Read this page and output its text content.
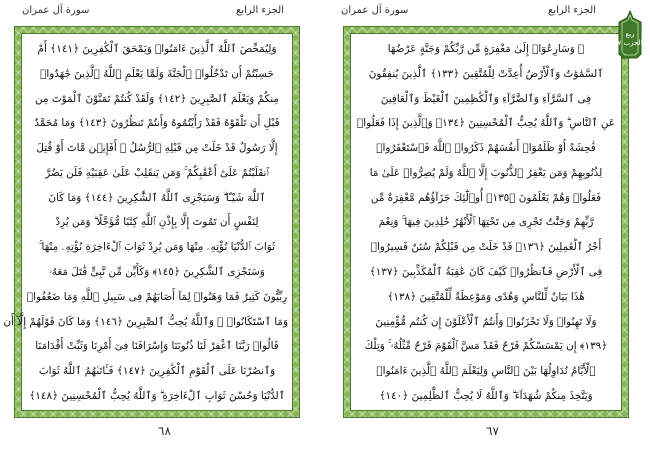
سورة آل عمران	الجزء الرابع
وَلِيُمَحِّصَ ٱللَّهُ ٱلَّذِينَ ءَامَنُوا۟ وَيَمْحَقَ ٱلْكَٰفِرِينَ ﴿١٤١﴾ أَمْ
حَسِبْتُمْ أَن تَدْخُلُوا۟ ٱلْجَنَّةَ وَلَمَّا يَعْلَمِ ٱللَّهُ ٱلَّذِينَ جَٰهَدُوا۟
مِنكُمْ وَيَعْلَمَ ٱلصَّٰبِرِينَ ﴿١٤٢﴾ وَلَقَدْ كُنتُمْ تَمَنَّوْنَ ٱلْمَوْتَ مِن
قَبْلِ أَن تَلْقَوْهُ فَقَدْ رَأَيْتُمُوهُ وَأَنتُمْ تَنظُرُونَ ﴿١٤٣﴾ وَمَا مُحَمَّدٌ
إِلَّا رَسُولٌ قَدْ خَلَتْ مِن قَبْلِهِ ٱلرُّسُلُ ۚ أَفَإِي۟ن مَّاتَ أَوْ قُتِلَ
ٱنقَلَبْتُمْ عَلَىٰٓ أَعْقَٰبِكُمْ ۚ وَمَن يَنقَلِبْ عَلَىٰ عَقِبَيْهِ فَلَن يَضُرَّ
ٱللَّهَ شَيْـًٔا ۗ وَسَيَجْزِى ٱللَّهُ ٱلشَّٰكِرِينَ ﴿١٤٤﴾ وَمَا كَانَ
لِنَفْسٍ أَن تَمُوتَ إِلَّا بِإِذْنِ ٱللَّهِ كِتَٰبًا مُّؤَجَّلًا ۗ وَمَن يُرِدْ
ثَوَابَ ٱلدُّنْيَا نُؤْتِهِۦ مِنْهَا وَمَن يُرِدْ ثَوَابَ ٱلْءَاخِرَةِ نُؤْتِهِۦ مِنْهَا ۚ
وَسَنَجْزِى ٱلشَّٰكِرِينَ ﴿١٤٥﴾ وَكَأَيِّن مِّن نَّبِىٍّ قَٰتَلَ مَعَهُۥ
رِبِّيُّونَ كَثِيرٌ فَمَا وَهَنُوا۟ لِمَآ أَصَابَهُمْ فِى سَبِيلِ ٱللَّهِ وَمَا ضَعُفُوا۟
وَمَا ٱسْتَكَانُوا۟ ۗ وَٱللَّهُ يُحِبُّ ٱلصَّٰبِرِينَ ﴿١٤٦﴾ وَمَا كَانَ قَوْلَهُمْ إِلَّآ أَن
قَالُوا۟ رَبَّنَا ٱغْفِرْ لَنَا ذُنُوبَنَا وَإِسْرَافَنَا فِىٓ أَمْرِنَا وَثَبِّتْ أَقْدَامَنَا
وَٱنصُرْنَا عَلَى ٱلْقَوْمِ ٱلْكَٰفِرِينَ ﴿١٤٧﴾ فَـَٔاتَىٰهُمُ ٱللَّهُ ثَوَابَ
ٱلدُّنْيَا وَحُسْنَ ثَوَابِ ٱلْءَاخِرَةِ ۗ وَٱللَّهُ يُحِبُّ ٱلْمُحْسِنِينَ ﴿١٤٨﴾
٦٨
سورة آل عمران	الجزء الرابع
۞ وَسَارِعُوٓا۟ إِلَىٰ مَغْفِرَةٍ مِّن رَّبِّكُمْ وَجَنَّةٍ عَرْضُهَا
ٱلسَّمَٰوَٰتُ وَٱلْأَرْضُ أُعِدَّتْ لِلْمُتَّقِينَ ﴿١٣٣﴾ ٱلَّذِينَ يُنفِقُونَ
فِى ٱلسَّرَّآءِ وَٱلضَّرَّآءِ وَٱلْكَٰظِمِينَ ٱلْغَيْظَ وَٱلْعَافِينَ
عَنِ ٱلنَّاسِ ۗ وَٱللَّهُ يُحِبُّ ٱلْمُحْسِنِينَ ﴿١٣٤﴾ وَٱلَّذِينَ إِذَا فَعَلُوا۟
فَٰحِشَةً أَوْ ظَلَمُوٓا۟ أَنفُسَهُمْ ذَكَرُوا۟ ٱللَّهَ فَٱسْتَغْفَرُوا۟
لِذُنُوبِهِمْ وَمَن يَغْفِرُ ٱلذُّنُوبَ إِلَّا ٱللَّهُ وَلَمْ يُصِرُّوا۟ عَلَىٰ مَا
فَعَلُوا۟ وَهُمْ يَعْلَمُونَ ﴿١٣٥﴾ أُو۟لَٰٓئِكَ جَزَآؤُهُم مَّغْفِرَةٌ مِّن
رَّبِّهِمْ وَجَنَّٰتٌ تَجْرِى مِن تَحْتِهَا ٱلْأَنْهَٰرُ خَٰلِدِينَ فِيهَا ۚ وَنِعْمَ
أَجْرُ ٱلْعَٰمِلِينَ ﴿١٣٦﴾ قَدْ خَلَتْ مِن قَبْلِكُمْ سُنَنٌ فَسِيرُوا۟
فِى ٱلْأَرْضِ فَٱنظُرُوا۟ كَيْفَ كَانَ عَٰقِبَةُ ٱلْمُكَذِّبِينَ ﴿١٣٧﴾
هَٰذَا بَيَانٌ لِّلنَّاسِ وَهُدًى وَمَوْعِظَةٌ لِّلْمُتَّقِينَ ﴿١٣٨﴾
وَلَا تَهِنُوا۟ وَلَا تَحْزَنُوا۟ وَأَنتُمُ ٱلْأَعْلَوْنَ إِن كُنتُم مُّؤْمِنِينَ
﴿١٣٩﴾ إِن يَمْسَسْكُمْ قَرْحٌ فَقَدْ مَسَّ ٱلْقَوْمَ قَرْحٌ مِّثْلُهُۥ ۚ وَتِلْكَ
ٱلْأَيَّامُ نُدَاوِلُهَا بَيْنَ ٱلنَّاسِ وَلِيَعْلَمَ ٱللَّهُ ٱلَّذِينَ ءَامَنُوا۟
وَيَتَّخِذَ مِنكُمْ شُهَدَآءَ ۗ وَٱللَّهُ لَا يُحِبُّ ٱلظَّٰلِمِينَ ﴿١٤٠﴾
٦٧
ربع الحزب ٧
